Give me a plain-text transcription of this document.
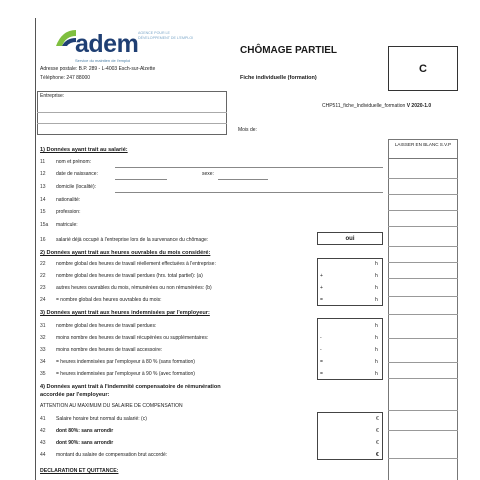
adem AGENCE POUR LE DÉVELOPPEMENT DE L'EMPLOI
Service du maintien de l'emploi
Adresse postale: B.P. 289 - L-4003 Esch-sur-Alzette
Téléphone: 247 88000
CHÔMAGE PARTIEL
Fiche individuelle (formation)
C
CHP511_fiche_Individuelle_formation V 2020-1.0
Entreprise:
Mois de:
LAISSER EN BLANC S.V.P
1) Données ayant trait au salarié:
11	nom et prénom:
12	date de naissance:	sexe:
13	domicile (localité):
14	nationalité:
15	profession:
15a	matricule:
16	salarié déjà occupé à l'entreprise lors de la survenance du chômage:	oui
2) Données ayant trait aux heures ouvrables du mois considéré:
22	nombre global des heures de travail réellement effectuées à l'entreprise:	h
22	nombre global des heures de travail perdues (hrs. total partiel): (a)	+	h
23	autres heures ouvrables du mois, rémunérées ou non rémunérées: (b)	+	h
24	= nombre global des heures ouvrables du mois:	=	h
3) Données ayant trait aux heures indemnisées par l'employeur:
31	nombre global des heures de travail perdues:	h
32	moins nombre des heures de travail récupérées ou supplémentaires:	-	h
33	moins nombre des heures de travail accessoire:	-	h
34	= heures indemnisées par l'employeur à 80 % (sans formation)	=	h
35	= heures indemnisées par l'employeur à 90 % (avec formation)	=	h
4) Données ayant trait à l'indemnité compensatoire de rémunération
accordée par l'employeur:
ATTENTION AU MAXIMUM DU SALAIRE DE COMPENSATION
41	Salaire horaire brut normal du salarié: (c)	€
42	dont 80%: sans arrondir	€
43	dont 90%: sans arrondir	€
44	montant du salaire de compensation brut accordé:	€
DECLARATION ET QUITTANCE:
